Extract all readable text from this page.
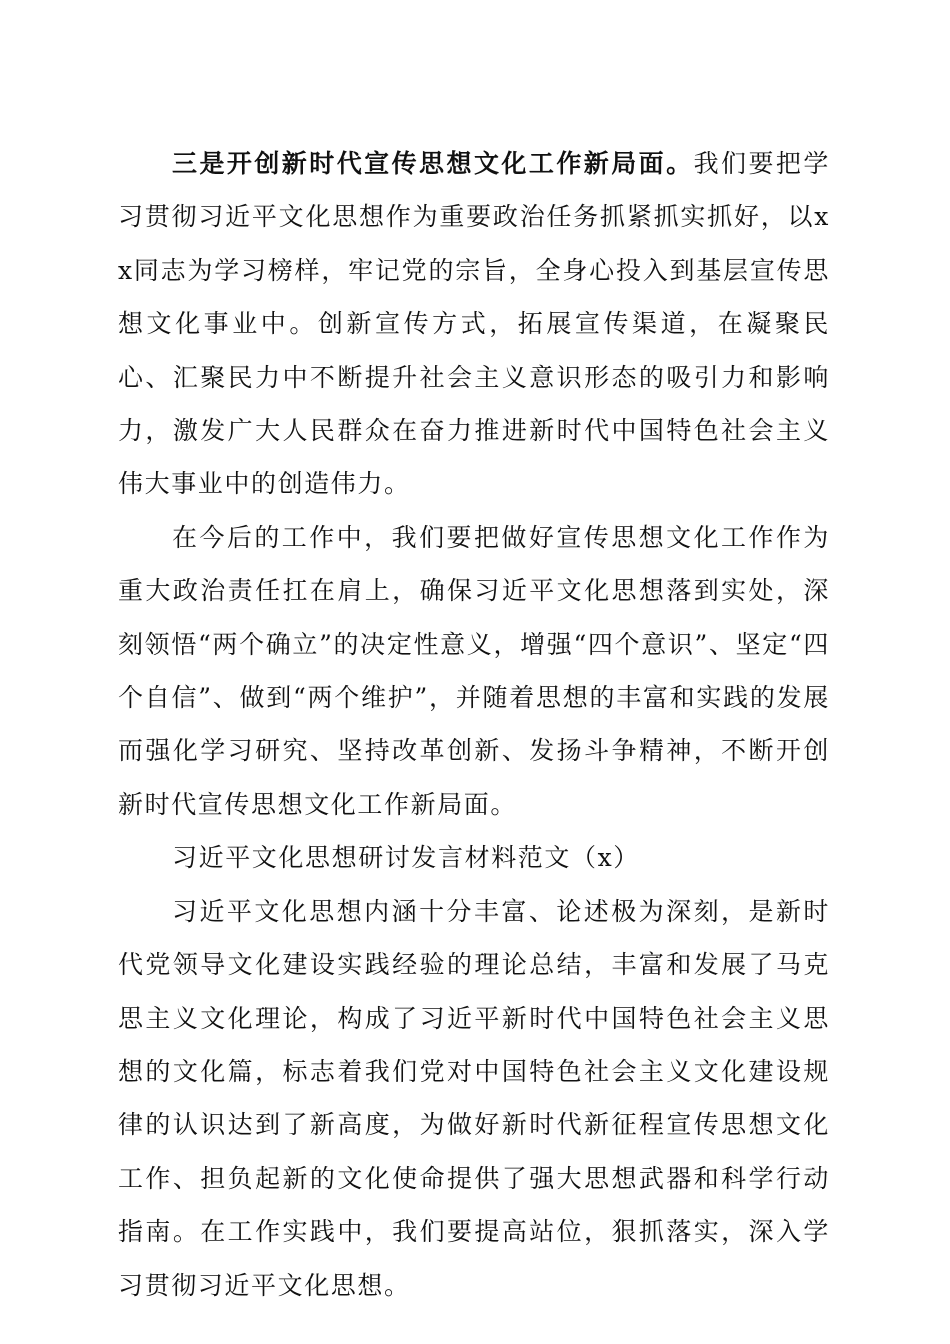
三是开创新时代宣传思想文化工作新局面。我们要把学习贯彻习近平文化思想作为重要政治任务抓紧抓实抓好，以xx同志为学习榜样，牢记党的宗旨，全身心投入到基层宣传思想文化事业中。创新宣传方式，拓展宣传渠道，在凝聚民心、汇聚民力中不断提升社会主义意识形态的吸引力和影响力，激发广大人民群众在奋力推进新时代中国特色社会主义伟大事业中的创造伟力。

在今后的工作中，我们要把做好宣传思想文化工作作为重大政治责任扛在肩上，确保习近平文化思想落到实处，深刻领悟“两个确立”的决定性意义，增强“四个意识”、坚定“四个自信”、做到“两个维护”，并随着思想的丰富和实践的发展而强化学习研究、坚持改革创新、发扬斗争精神，不断开创新时代宣传思想文化工作新局面。

习近平文化思想研讨发言材料范文（x）

习近平文化思想内涵十分丰富、论述极为深刻，是新时代党领导文化建设实践经验的理论总结，丰富和发展了马克思主义文化理论，构成了习近平新时代中国特色社会主义思想的文化篇，标志着我们党对中国特色社会主义文化建设规律的认识达到了新高度，为做好新时代新征程宣传思想文化工作、担负起新的文化使命提供了强大思想武器和科学行动指南。在工作实践中，我们要提高站位，狠抓落实，深入学习贯彻习近平文化思想。
